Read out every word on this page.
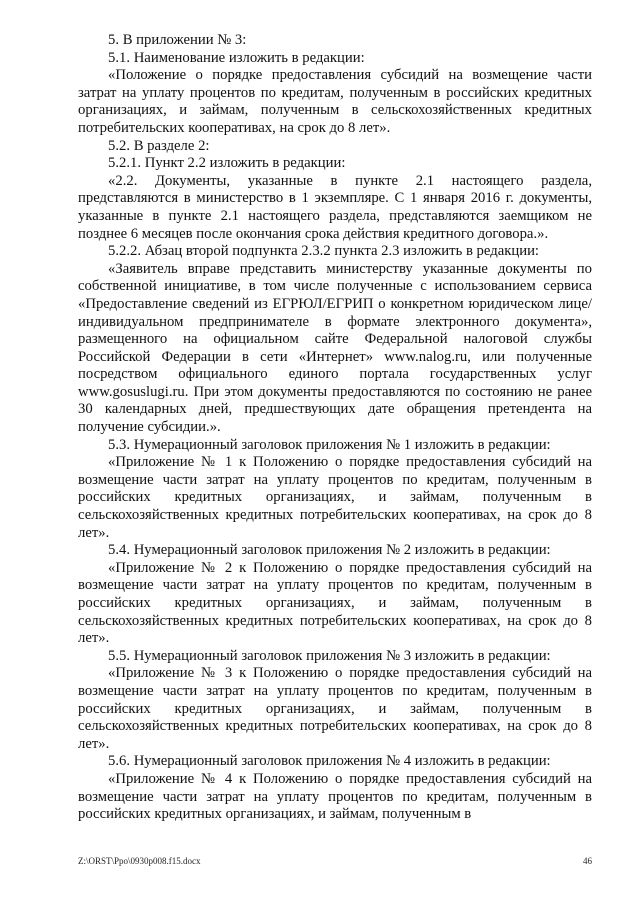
5. В приложении № 3:

5.1. Наименование изложить в редакции:

«Положение о порядке предоставления субсидий на возмещение части затрат на уплату процентов по кредитам, полученным в российских кредитных организациях, и займам, полученным в сельскохозяйственных кредитных потребительских кооперативах, на срок до 8 лет».

5.2. В разделе 2:

5.2.1. Пункт 2.2 изложить в редакции:

«2.2. Документы, указанные в пункте 2.1 настоящего раздела, представляются в министерство в 1 экземпляре. С 1 января 2016 г. документы, указанные в пункте 2.1 настоящего раздела, представляются заемщиком не позднее 6 месяцев после окончания срока действия кредитного договора.».

5.2.2. Абзац второй подпункта 2.3.2 пункта 2.3 изложить в редакции:

«Заявитель вправе представить министерству указанные документы по собственной инициативе, в том числе полученные с использованием сервиса «Предоставление сведений из ЕГРЮЛ/ЕГРИП о конкретном юридическом лице/индивидуальном предпринимателе в формате электронного документа», размещенного на официальном сайте Федеральной налоговой службы Российской Федерации в сети «Интернет» www.nalog.ru, или полученные посредством официального единого портала государственных услуг www.gosuslugi.ru. При этом документы предоставляются по состоянию не ранее 30 календарных дней, предшествующих дате обращения претендента на получение субсидии.».

5.3. Нумерационный заголовок приложения № 1 изложить в редакции:

«Приложение № 1 к Положению о порядке предоставления субсидий на возмещение части затрат на уплату процентов по кредитам, полученным в российских кредитных организациях, и займам, полученным в сельскохозяйственных кредитных потребительских кооперативах, на срок до 8 лет».

5.4. Нумерационный заголовок приложения № 2 изложить в редакции:

«Приложение № 2 к Положению о порядке предоставления субсидий на возмещение части затрат на уплату процентов по кредитам, полученным в российских кредитных организациях, и займам, полученным в сельскохозяйственных кредитных потребительских кооперативах, на срок до 8 лет».

5.5. Нумерационный заголовок приложения № 3 изложить в редакции:

«Приложение № 3 к Положению о порядке предоставления субсидий на возмещение части затрат на уплату процентов по кредитам, полученным в российских кредитных организациях, и займам, полученным в сельскохозяйственных кредитных потребительских кооперативах, на срок до 8 лет».

5.6. Нумерационный заголовок приложения № 4 изложить в редакции:

«Приложение № 4 к Положению о порядке предоставления субсидий на возмещение части затрат на уплату процентов по кредитам, полученным в российских кредитных организациях, и займам, полученным в

Z:\ORST\Ppo\0930p008.f15.docx	46
